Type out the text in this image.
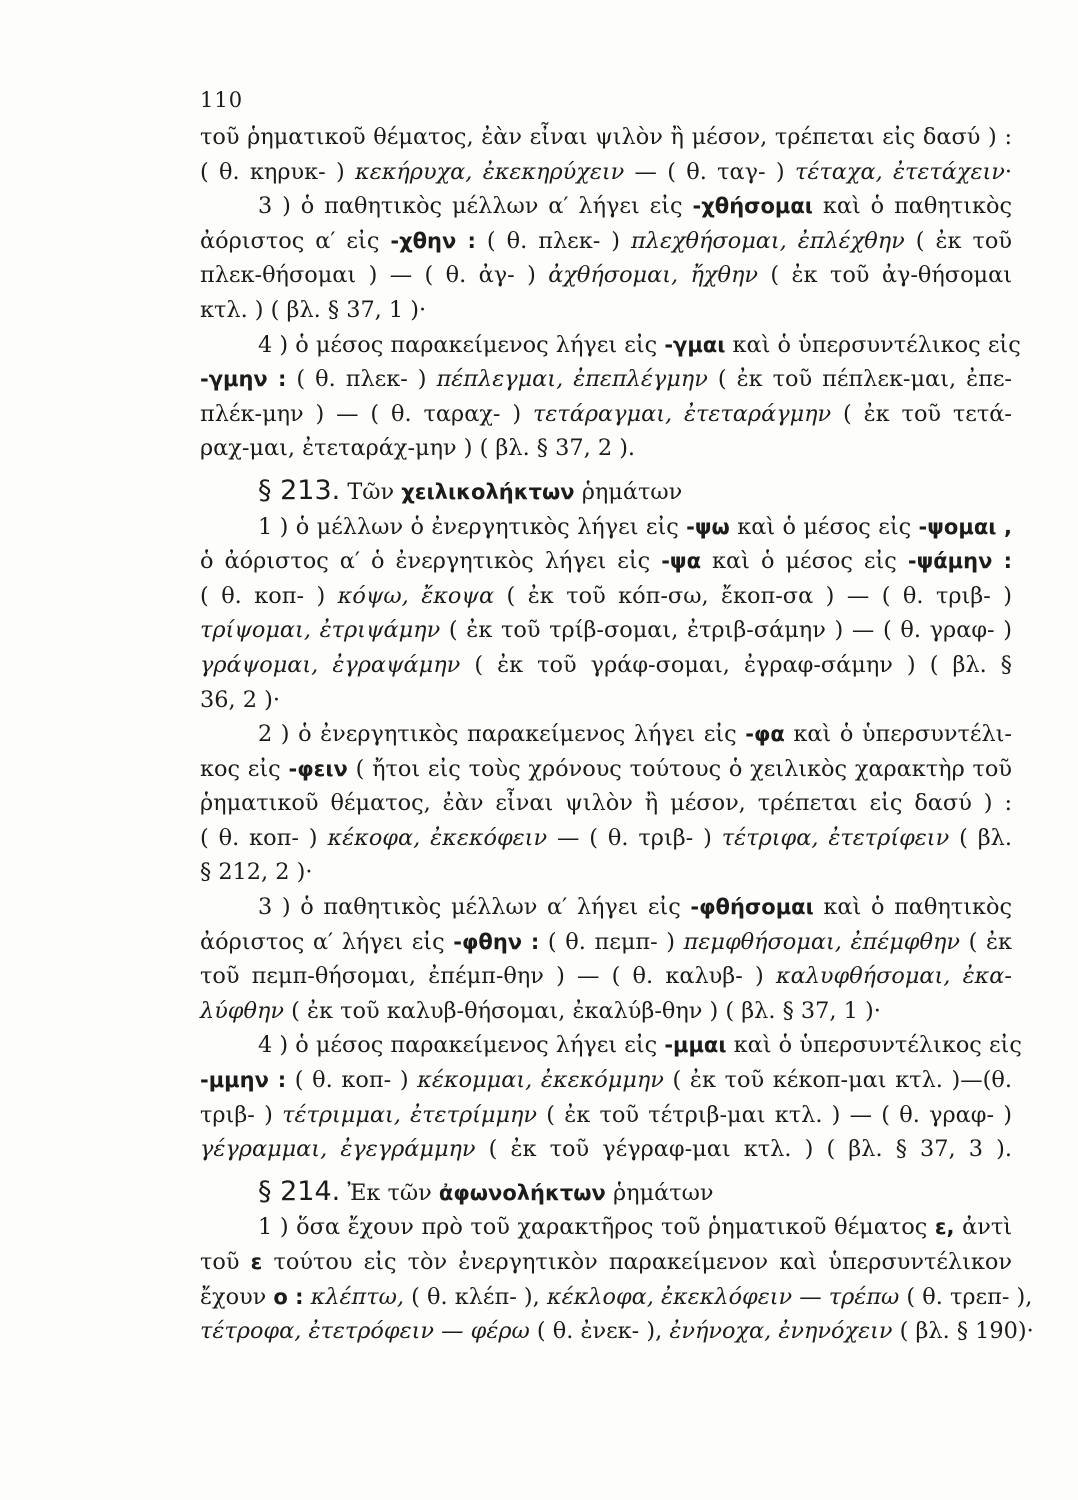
110
τοῦ ῥηματικοῦ θέματος, ἐὰν εἶναι ψιλὸν ἢ μέσον, τρέπεται εἰς δασύ ) :
( θ. κηρυκ- ) κεκήρυχα, ἐκεκηρύχειν — ( θ. ταγ- ) τέταχα, ἐτετάχειν·
3 ) ὁ παθητικὸς μέλλων α′ λήγει εἰς -χθήσομαι καὶ ὁ παθητικὸς
ἀόριστος α′ εἰς -χθην : ( θ. πλεκ- ) πλεχθήσομαι, ἐπλέχθην ( ἐκ τοῦ
πλεκ-θήσομαι ) — ( θ. ἀγ- ) ἀχθήσομαι, ἤχθην ( ἐκ τοῦ ἀγ-θήσομαι
κτλ. ) ( βλ. § 37, 1 )·
4 ) ὁ μέσος παρακείμενος λήγει εἰς -γμαι καὶ ὁ ὑπερσυντέλικος εἰς
-γμην : ( θ. πλεκ- ) πέπλεγμαι, ἐπεπλέγμην ( ἐκ τοῦ πέπλεκ-μαι, ἐπε-
πλέκ-μην ) — ( θ. ταραχ- ) τετάραγμαι, ἐτεταράγμην ( ἐκ τοῦ τετά-
ραχ-μαι, ἐτεταράχ-μην ) ( βλ. § 37, 2 ).
§ 213. Τῶν χειλικολήκτων ῥημάτων
1 ) ὁ μέλλων ὁ ἐνεργητικὸς λήγει εἰς -ψω καὶ ὁ μέσος εἰς -ψομαι ,
ὁ ἀόριστος α′ ὁ ἐνεργητικὸς λήγει εἰς -ψα καὶ ὁ μέσος εἰς -ψάμην :
( θ. κοπ- ) κόψω, ἔκοψα ( ἐκ τοῦ κόπ-σω, ἔκοπ-σα ) — ( θ. τριβ- )
τρίψομαι, ἐτριψάμην ( ἐκ τοῦ τρίβ-σομαι, ἐτριβ-σάμην ) — ( θ. γραφ- )
γράψομαι, ἐγραψάμην ( ἐκ τοῦ γράφ-σομαι, ἐγραφ-σάμην ) ( βλ. §
36, 2 )·
2 ) ὁ ἐνεργητικὸς παρακείμενος λήγει εἰς -φα καὶ ὁ ὑπερσυντέλι-
κος εἰς -φειν ( ἤτοι εἰς τοὺς χρόνους τούτους ὁ χειλικὸς χαρακτὴρ τοῦ
ῥηματικοῦ θέματος, ἐὰν εἶναι ψιλὸν ἢ μέσον, τρέπεται εἰς δασύ ) :
( θ. κοπ- ) κέκοφα, ἐκεκόφειν — ( θ. τριβ- ) τέτριφα, ἐτετρίφειν ( βλ.
§ 212, 2 )·
3 ) ὁ παθητικὸς μέλλων α′ λήγει εἰς -φθήσομαι καὶ ὁ παθητικὸς
ἀόριστος α′ λήγει εἰς -φθην : ( θ. πεμπ- ) πεμφθήσομαι, ἐπέμφθην ( ἐκ
τοῦ πεμπ-θήσομαι, ἐπέμπ-θην ) — ( θ. καλυβ- ) καλυφθήσομαι, ἐκα-
λύφθην ( ἐκ τοῦ καλυβ-θήσομαι, ἐκαλύβ-θην ) ( βλ. § 37, 1 )·
4 ) ὁ μέσος παρακείμενος λήγει εἰς -μμαι καὶ ὁ ὑπερσυντέλικος εἰς
-μμην : ( θ. κοπ- ) κέκομμαι, ἐκεκόμμην ( ἐκ τοῦ κέκοπ-μαι κτλ. )—(θ.
τριβ- ) τέτριμμαι, ἐτετρίμμην ( ἐκ τοῦ τέτριβ-μαι κτλ. ) — ( θ. γραφ- )
γέγραμμαι, ἐγεγράμμην ( ἐκ τοῦ γέγραφ-μαι κτλ. ) ( βλ. § 37, 3 ).
§ 214. Ἐκ τῶν ἀφωνολήκτων ῥημάτων
1 ) ὅσα ἔχουν πρὸ τοῦ χαρακτῆρος τοῦ ῥηματικοῦ θέματος ε, ἀντὶ
τοῦ ε τούτου εἰς τὸν ἐνεργητικὸν παρακείμενον καὶ ὑπερσυντέλικον
ἔχουν ο : κλέπτω, ( θ. κλέπ- ), κέκλοφα, ἐκεκλόφειν — τρέπω ( θ. τρεπ- ),
τέτροφα, ἐτετρόφειν — φέρω ( θ. ἐνεκ- ), ἐνήνοχα, ἐνηνόχειν ( βλ. § 190)·
